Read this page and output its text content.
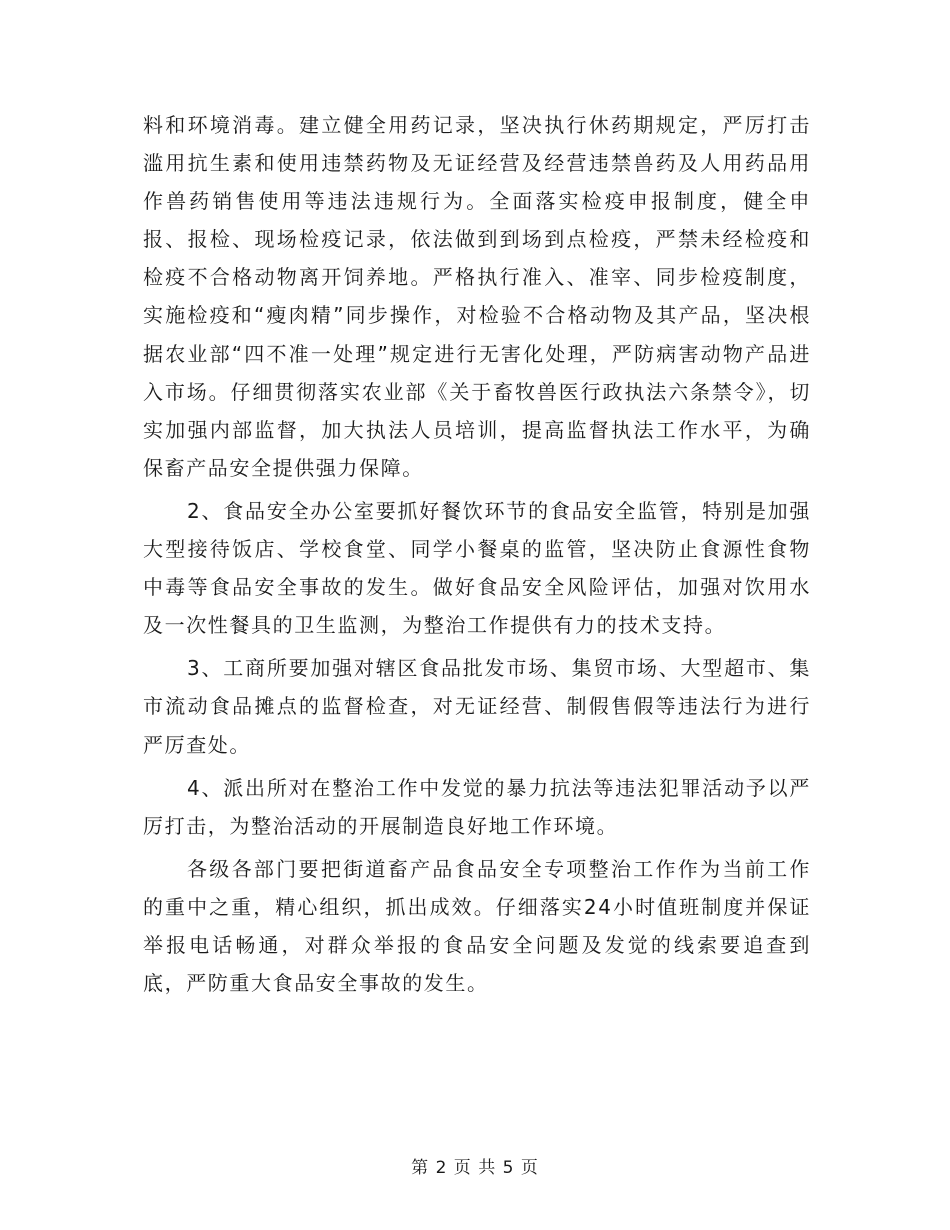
料和环境消毒。建立健全用药记录，坚决执行休药期规定，严厉打击滥用抗生素和使用违禁药物及无证经营及经营违禁兽药及人用药品用作兽药销售使用等违法违规行为。全面落实检疫申报制度，健全申报、报检、现场检疫记录，依法做到到场到点检疫，严禁未经检疫和检疫不合格动物离开饲养地。严格执行准入、准宰、同步检疫制度，实施检疫和“瘦肉精”同步操作，对检验不合格动物及其产品，坚决根据农业部“四不准一处理”规定进行无害化处理，严防病害动物产品进入市场。仔细贯彻落实农业部《关于畜牧兽医行政执法六条禁令》，切实加强内部监督，加大执法人员培训，提高监督执法工作水平，为确保畜产品安全提供强力保障。

2、食品安全办公室要抓好餐饮环节的食品安全监管，特别是加强大型接待饭店、学校食堂、同学小餐桌的监管，坚决防止食源性食物中毒等食品安全事故的发生。做好食品安全风险评估，加强对饮用水及一次性餐具的卫生监测，为整治工作提供有力的技术支持。

3、工商所要加强对辖区食品批发市场、集贸市场、大型超市、集市流动食品摊点的监督检查，对无证经营、制假售假等违法行为进行严厉查处。

4、派出所对在整治工作中发觉的暴力抗法等违法犯罪活动予以严厉打击，为整治活动的开展制造良好地工作环境。

各级各部门要把街道畜产品食品安全专项整治工作作为当前工作的重中之重，精心组织，抓出成效。仔细落实24小时值班制度并保证举报电话畅通，对群众举报的食品安全问题及发觉的线索要追查到底，严防重大食品安全事故的发生。

第 2 页 共 5 页
